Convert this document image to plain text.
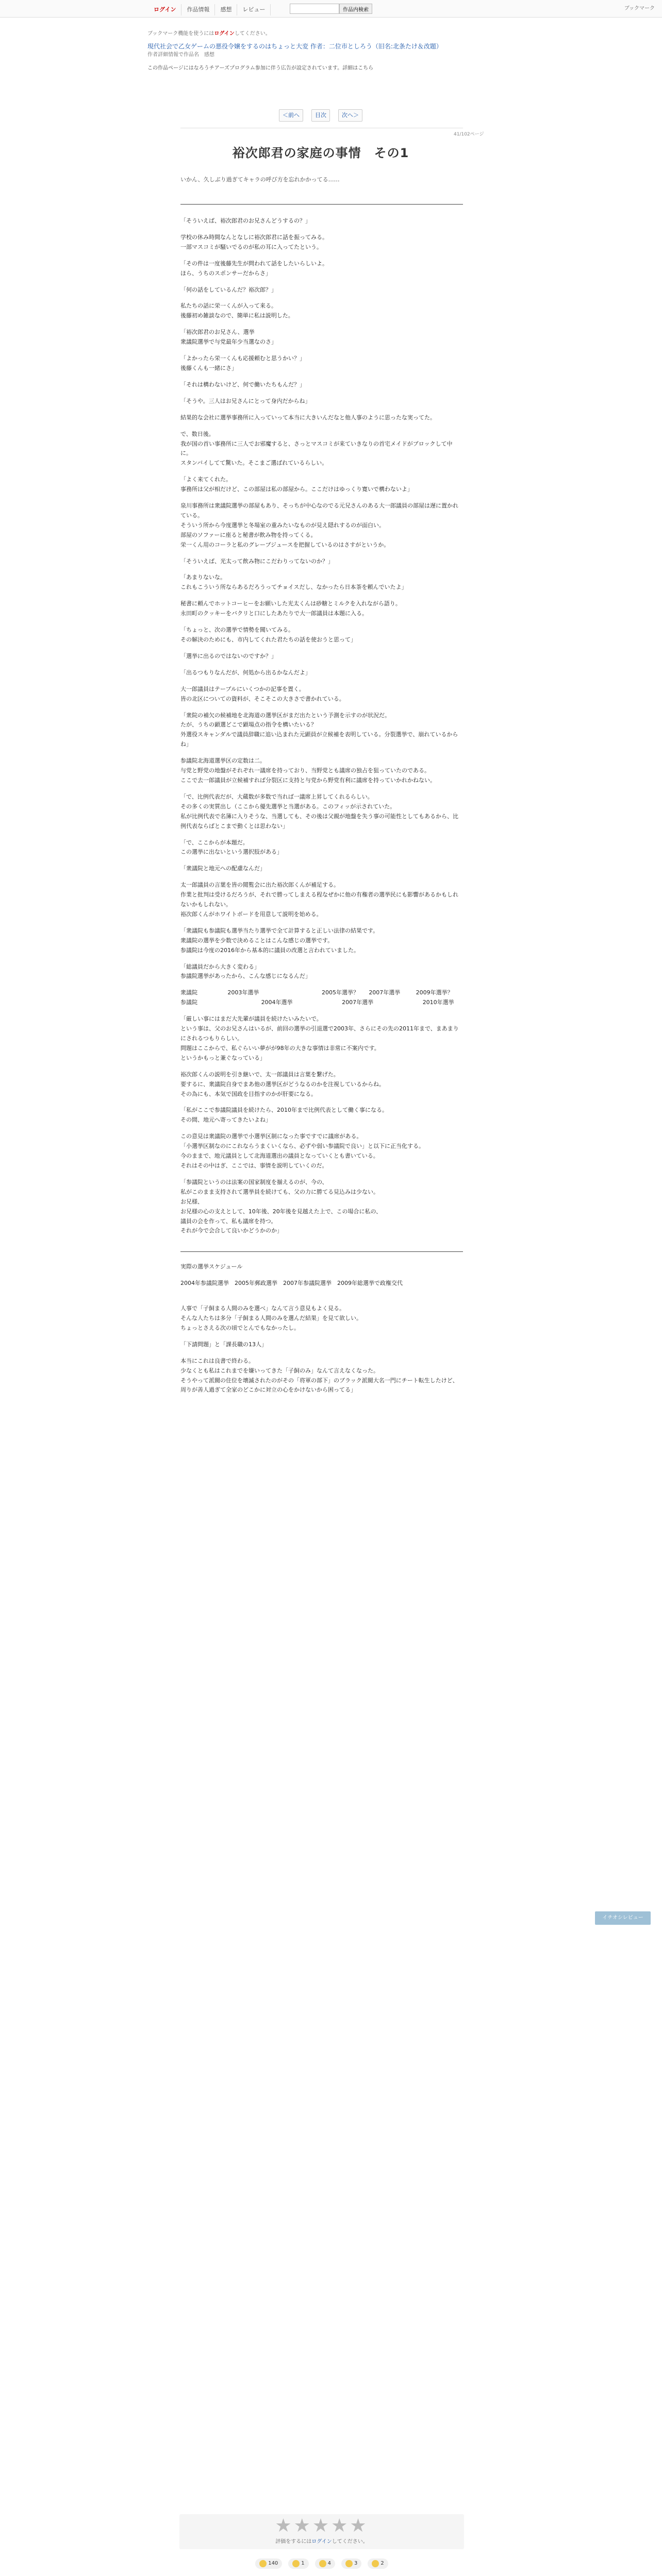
ログイン	作品情報	感想	レビュー	作品内検索	ブックマーク
ブックマーク機能を使うにはログインしてください。
現代社会で乙女ゲームの悪役令嬢をするのはちょっと大変 作者：二位市としろう（旧名:北条たけ＆改題）
作者詳細情報で作品名　感想
この作品ページにはなろうチアーズプログラム参加に伴う広告が設定されています。詳細はこちら
＜前へ	目次	次へ＞
41/102ページ
裕次郎君の家庭の事情　その1
いかん、久しぶり過ぎてキャラの呼び方を忘れかかってる……

「そういえば、裕次郎君のお兄さんどうするの？」

学校の休み時間なんとなしに裕次郎君に話を振ってみる。
一部マスコミが騒いでるのが私の耳に入ってたという。

「その件は一度後藤先生が問われて話をしたいらしいよ。
ほら、うちのスポンサーだからさ」

「何の話をしているんだ？裕次郎？」

私たちの話に栄一くんが入って来る。
後藤初め雑談なので、簡単に私は説明した。

「裕次郎君のお兄さん、選挙
衆議院選挙で与党最年少当選なのさ」

「よかったら栄一くんも応援頼むと思うかい？」
後藤くんも一緒にさ」

「それは構わないけど、何で働いたちもんだ？」

「そうや。三人はお兄さんにとって身内だからね」

結果的な会社に選挙事務所に入っていって本当に大きいんだなと他人事のように思ったな実ってた。

で、数日後。
我が国の首い事務所に三人でお邪魔すると、さっとマスコミが来ていきなりの首宅メイドがブロックして中に。
スタンバイしてて驚いた。そこまご選ばれているらしい。

「よく来てくれた。
事務所は父が相だけど、この部屋は私の部屋から。ここだけはゆっくり寛いで構わないよ」

泉川事務所は衆議院選挙の部屋もあり、そっちが中心なのでる元兄さんのある大一郎議員の部屋は遅に置かれている。
そういう所から今度選挙と冬場室の重みたいなものが見え隠れするのが面白い。
部屋のソファーに座ると秘書が飲み物を持ってくる。
栄一くん用のコーラと私のグレープジュースを把握しているのはさすがというか。

「そういえば、光太って飲み物にこだわりってないのか？」

「あまりないな。
これもこういう所ならあるだろうってチョイスだし、なかったら日本茶を頼んでいたよ」

秘書に頼んでホットコーヒーをお願いした光太くんは砂糖とミルクを入れながら語り。
永田町のクッキーをバクリと口にしたあたりで大一郎議員は本題に入る。

「ちょっと、次の選挙で情勢を聞いてみる。
その解決のためにも、市内してくれた君たちの話を使おうと思って」

「選挙に出るのではないのですか？」

「出るつもりなんだが、何処から出るかなんだよ」

大一郎議員はテーブルにいくつかの記事を置く。
皆の北区についての資料が、そこそこの大きさで書かれている。

「衆院の補欠の候補地を北海道の選挙区がまだ出たという予測を示すのが状況だ。
たが、うちの顕選どこで顕場点の指令を構いたいる？
外選役スキャンダルで議員辞職に追い込まれた元顕員が立候補を表明している。分裂選挙で、崩れているからね」

参議院北海道選挙区の定数は二。
与党と野党の地盤がそれぞれ一議席を持っており、当野党とも議席の独占を狙っていたのである。
ここで去一郎議員が立候補すれば分裂区に支持と与党から野党有利に議席を持っていかれかねない。

「で、比例代表だが、大蔵数が多数で当れば一議席上昇してくれるらしい。
その多くの実質出し（ここから優先選挙と当選がある。このフィッが示されていた。
私が比例代表で名簿に入りそうな、当選しても、その後は父親が地盤を失う事の可能性としてもあるから、比例代表ならばとこまで動くとは思わない」

「で、ここからが本題だ。
この選挙に出ないという選択肢がある」

「衆議院と地元への配慮なんだ」

太一郎議員の言葉を皆の閲覧会に出た裕次郎くんが補足する。
作業と批判は受けるだろうが、それで勝ってしまえる程なぜかに他の有権者の選挙民にも影響があるかもしれないかもしれない。
裕次郎くんがホワイトボードを用意して説明を始める。

「衆議院も参議院も選挙当たり選挙で全て計算すると正しい法律の結果です。
衆議院の選挙を少数で決めることはこんな感じの選挙です。
参議院は今度の2016年から基本的に議員の改選と言われていました。

「総議員だから大きく変わる」
参議院選挙があったから、こんな感じになるんだ」

衆議院	2003年選挙	2005年選挙？	2007年選挙	2009年選挙？

参議院	2004年選挙	2007年選挙	2010年選挙

「厳しい事にはまだ大先輩が議員を続けたいみたいで。
という事は、父のお兄さんはいるが、前回の選挙の引退選で2003年、さらにその先の2011年まで、まあまりにされるつもりらしい。
問題はここからで、私ぐらいい夢がが98年の大きな事情は非常に不案内です。
というかもっと兼ぐなっている」

裕次郎くんの説明を引き継いで、太一郎議員は言葉を繋げた。
要するに、衆議院自身でまあ他の選挙区がどうなるのかを注視しているからね。
その為にも、本気で国政を目指すのかが肝要になる。

「私がここで参議院議員を続けたら、2010年まで比例代表として働く事になる。
その間、地元へ寄ってきたいよね」

この意見は衆議院の選挙で小選挙区制になった事ですでに議席がある。
「小選挙区制なのにこれならうまくいくなら、必ずや弱い参議院で良い」と以下に正当化する。
今のままで、地元議員として北海道選出の議員となっていくとも書いている。
それはその中はぎ、ここでは、事情を説明していくのだ。

「参議院というのは法案の国家制度を揃えるのが、今の、
私がこのまま支持されて選挙員を続けても、父の力に勝てる見込みは少ない。
お兄様、
お兄様の心の支えとして、10年後、20年後を見越えた上で、この場合に私の、
議員の会を作って、私も議席を持つ。
それが今で会合して良いかどうかのか」

実際の選挙スケジュール

2004年参議院選挙　2005年郵政選挙　2007年参議院選挙　2009年総選挙で政権交代

人事で「子飼まる人間のみを選べ」なんて言う意見もよく見る。
そんな人たちは多分「子飼まる人間のみを選んだ結果」を見て欲しい。
ちょっとさえる次の頃でとんでもなかったし。

「下請問題」と「課長職の13人」

本当にこれは良書で終わる。
少なくとも私はこれまでを嫌いってきた「子飼のみ」なんて言えなくなった。
そうやって派閥の住位を壊滅されたのがその「将軍の部下」のブラック派閥大名一門にチート転生したけど、周りが善人過ぎて全家のどこかに対立の心をかけないから困ってる」

イチオシレビュー
★★★★★
評価をするにはログインしてください。
140	1	4	3	2
